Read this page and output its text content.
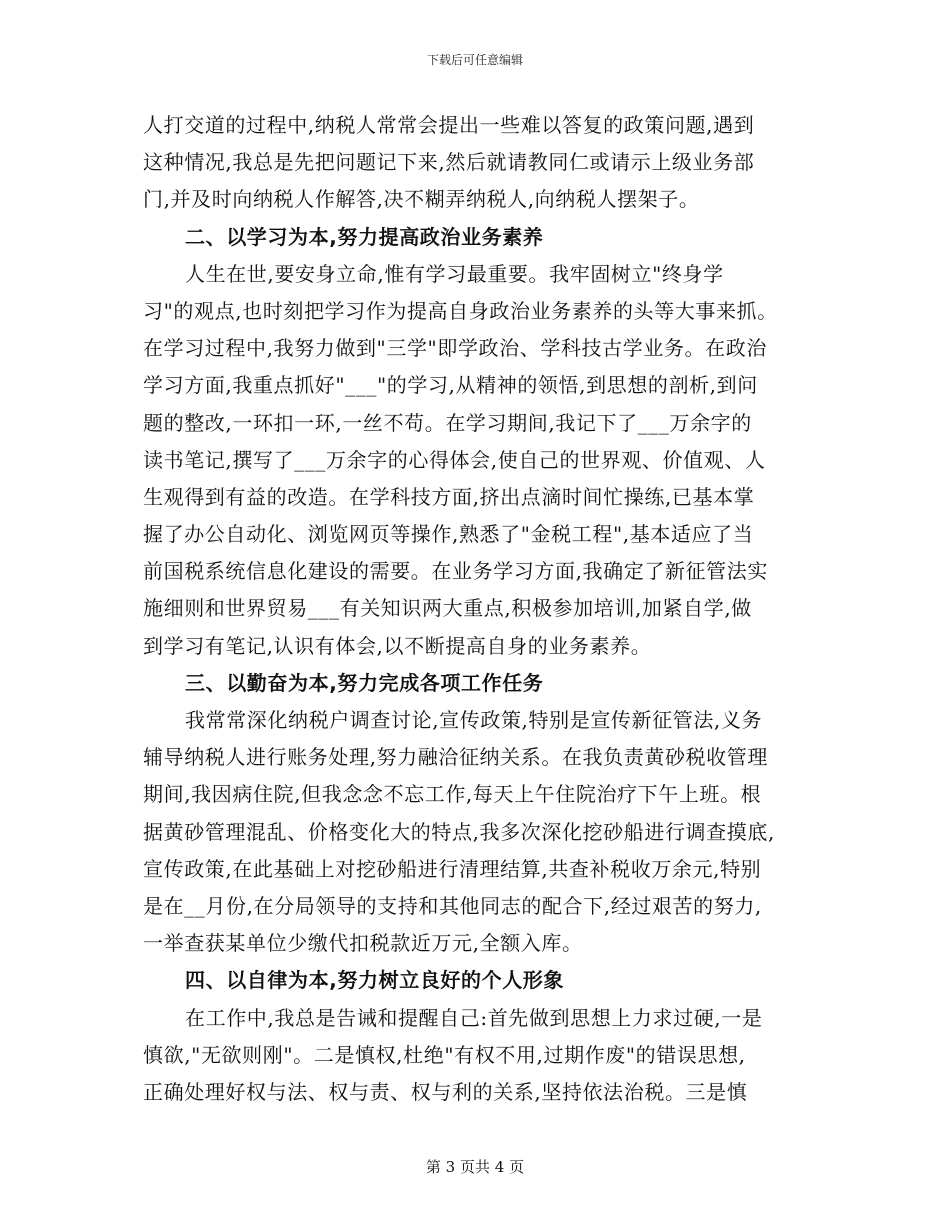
下载后可任意编辑
人打交道的过程中,纳税人常常会提出一些难以答复的政策问题,遇到
这种情况,我总是先把问题记下来,然后就请教同仁或请示上级业务部
门,并及时向纳税人作解答,决不糊弄纳税人,向纳税人摆架子。
二、以学习为本,努力提高政治业务素养
人生在世,要安身立命,惟有学习最重要。我牢固树立"终身学
习"的观点,也时刻把学习作为提高自身政治业务素养的头等大事来抓。
在学习过程中,我努力做到"三学"即学政治、学科技古学业务。在政治
学习方面,我重点抓好"___"的学习,从精神的领悟,到思想的剖析,到问
题的整改,一环扣一环,一丝不苟。在学习期间,我记下了___万余字的
读书笔记,撰写了___万余字的心得体会,使自己的世界观、价值观、人
生观得到有益的改造。在学科技方面,挤出点滴时间忙操练,已基本掌
握了办公自动化、浏览网页等操作,熟悉了"金税工程",基本适应了当
前国税系统信息化建设的需要。在业务学习方面,我确定了新征管法实
施细则和世界贸易___有关知识两大重点,积极参加培训,加紧自学,做
到学习有笔记,认识有体会,以不断提高自身的业务素养。
三、以勤奋为本,努力完成各项工作任务
我常常深化纳税户调查讨论,宣传政策,特别是宣传新征管法,义务
辅导纳税人进行账务处理,努力融洽征纳关系。在我负责黄砂税收管理
期间,我因病住院,但我念念不忘工作,每天上午住院治疗下午上班。根
据黄砂管理混乱、价格变化大的特点,我多次深化挖砂船进行调查摸底,
宣传政策,在此基础上对挖砂船进行清理结算,共查补税收万余元,特别
是在__月份,在分局领导的支持和其他同志的配合下,经过艰苦的努力,
一举查获某单位少缴代扣税款近万元,全额入库。
四、以自律为本,努力树立良好的个人形象
在工作中,我总是告诫和提醒自己:首先做到思想上力求过硬,一是
慎欲,"无欲则刚"。二是慎权,杜绝"有权不用,过期作废"的错误思想,
正确处理好权与法、权与责、权与利的关系,坚持依法治税。三是慎
第 3 页共 4 页
